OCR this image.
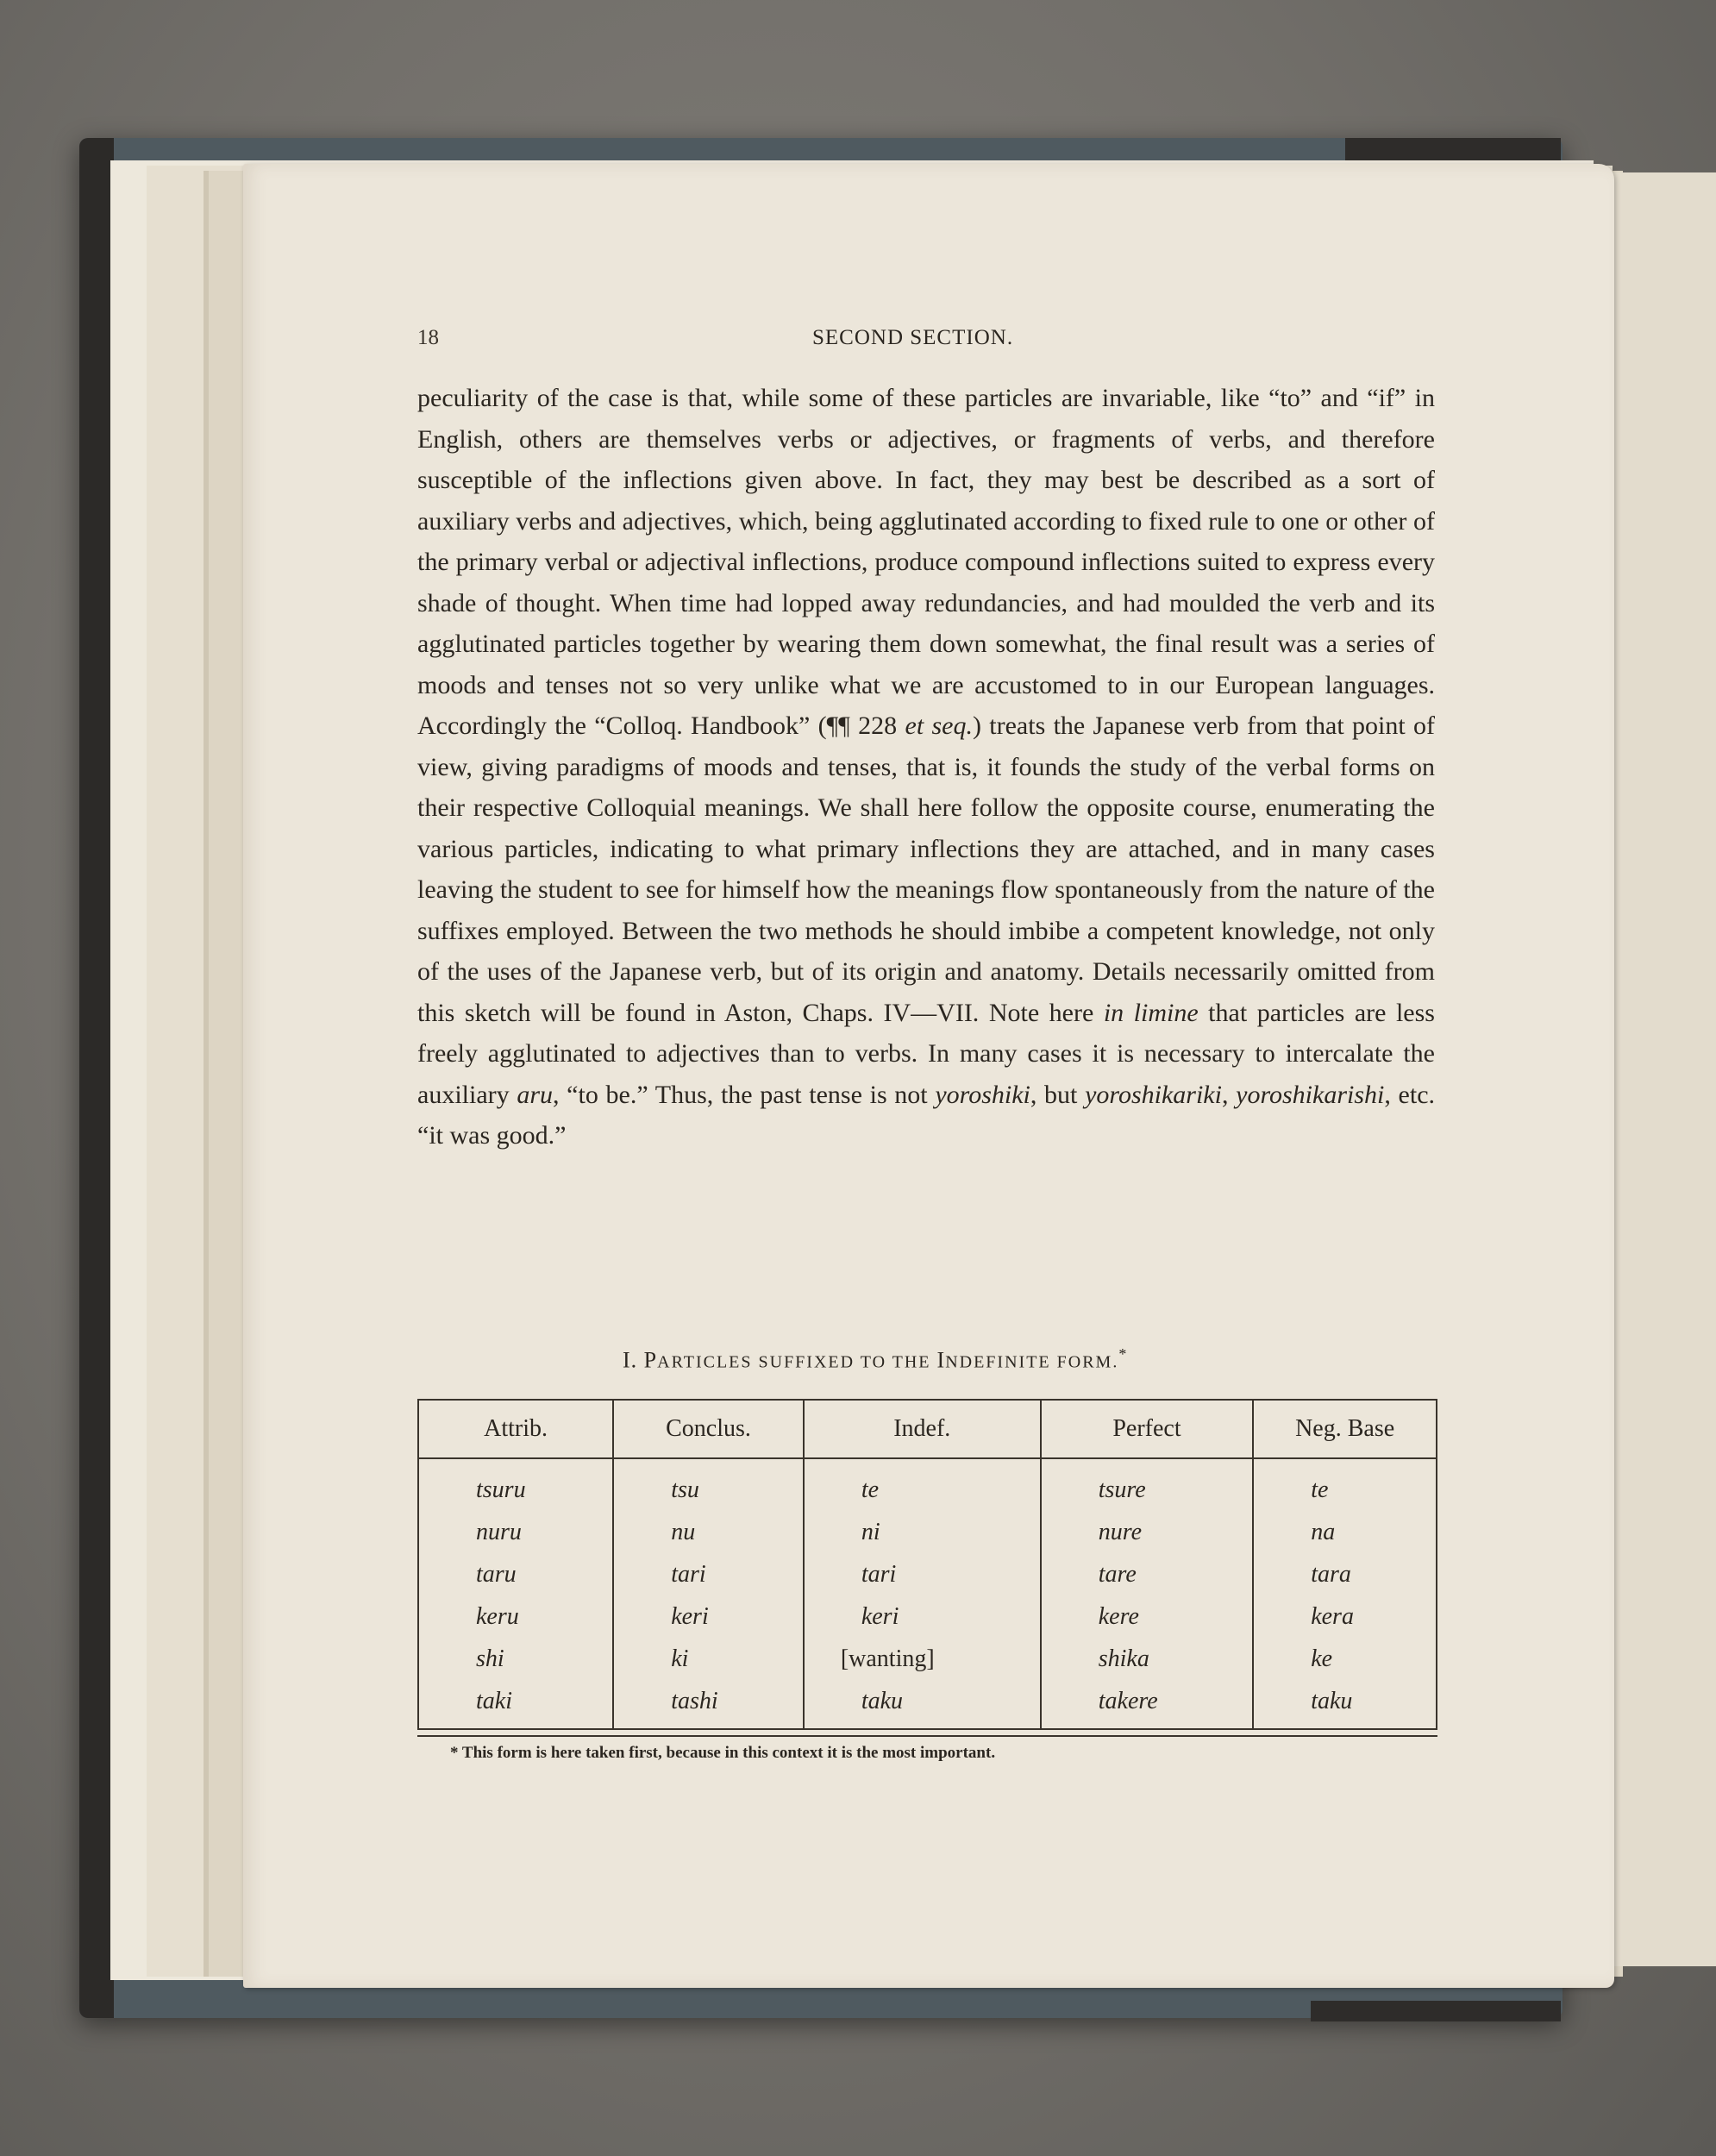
18	SECOND SECTION.
peculiarity of the case is that, while some of these particles are invariable, like “to” and “if” in English, others are themselves verbs or adjectives, or fragments of verbs, and therefore susceptible of the inflections given above. In fact, they may best be described as a sort of auxiliary verbs and adjectives, which, being agglutinated according to fixed rule to one or other of the primary verbal or adjectival inflections, produce compound inflections suited to express every shade of thought. When time had lopped away redundancies, and had moulded the verb and its agglutinated particles together by wearing them down somewhat, the final result was a series of moods and tenses not so very unlike what we are accustomed to in our European languages. Accordingly the “Colloq. Handbook” (¶¶ 228 et seq.) treats the Japanese verb from that point of view, giving paradigms of moods and tenses, that is, it founds the study of the verbal forms on their respective Colloquial meanings. We shall here follow the opposite course, enumerating the various particles, indicating to what primary inflections they are attached, and in many cases leaving the student to see for himself how the meanings flow spontaneously from the nature of the suffixes employed. Between the two methods he should imbibe a competent knowledge, not only of the uses of the Japanese verb, but of its origin and anatomy. Details necessarily omitted from this sketch will be found in Aston, Chaps. IV—VII. Note here in limine that particles are less freely agglutinated to adjectives than to verbs. In many cases it is necessary to intercalate the auxiliary aru, “to be.” Thus, the past tense is not yoroshiki, but yoroshikariki, yoroshikarishi, etc. “it was good.”
I. PARTICLES SUFFIXED TO THE INDEFINITE FORM.*
Attrib.	Conclus.	Indef.	Perfect	Neg. Base
tsuru	tsu	te	tsure	te
nuru	nu	ni	nure	na
taru	tari	tari	tare	tara
keru	keri	keri	kere	kera
shi	ki	[wanting]	shika	ke
taki	tashi	taku	takere	taku
* This form is here taken first, because in this context it is the most important.
